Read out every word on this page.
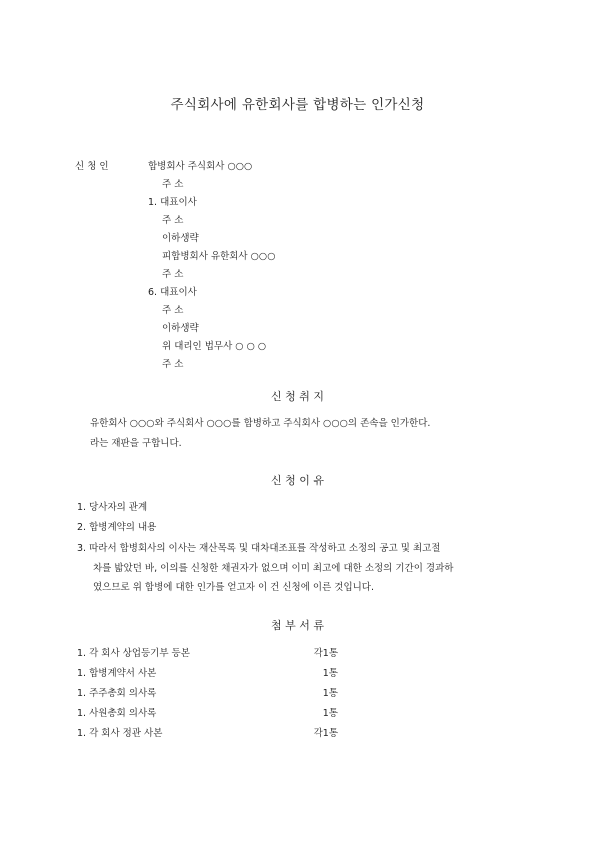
주식회사에 유한회사를 합병하는 인가신청
신 청 인	합병회사 주식회사 ○○○
주 소
1. 대표이사
주 소
이하생략
피합병회사 유한회사 ○○○
주 소
6. 대표이사
주 소
이하생략
위 대리인 법무사 ○ ○ ○
주 소
신 청 취 지
유한회사 ○○○와 주식회사 ○○○를 합병하고 주식회사 ○○○의 존속을 인가한다.
라는 재판을 구합니다.
신 청 이 유
1. 당사자의 관계
2. 합병계약의 내용
3. 따라서 합병회사의 이사는 재산목록 및 대차대조표를 작성하고 소정의 공고 및 최고절
차를 밟았던 바, 이의를 신청한 채권자가 없으며 이미 최고에 대한 소정의 기간이 경과하
였으므로 위 합병에 대한 인가를 얻고자 이 건 신청에 이른 것입니다.
첨 부 서 류
1. 각 회사 상업등기부 등본	각1통
1. 합병계약서 사본	1통
1. 주주총회 의사록	1통
1. 사원총회 의사록	1통
1. 각 회사 정관 사본	각1통
